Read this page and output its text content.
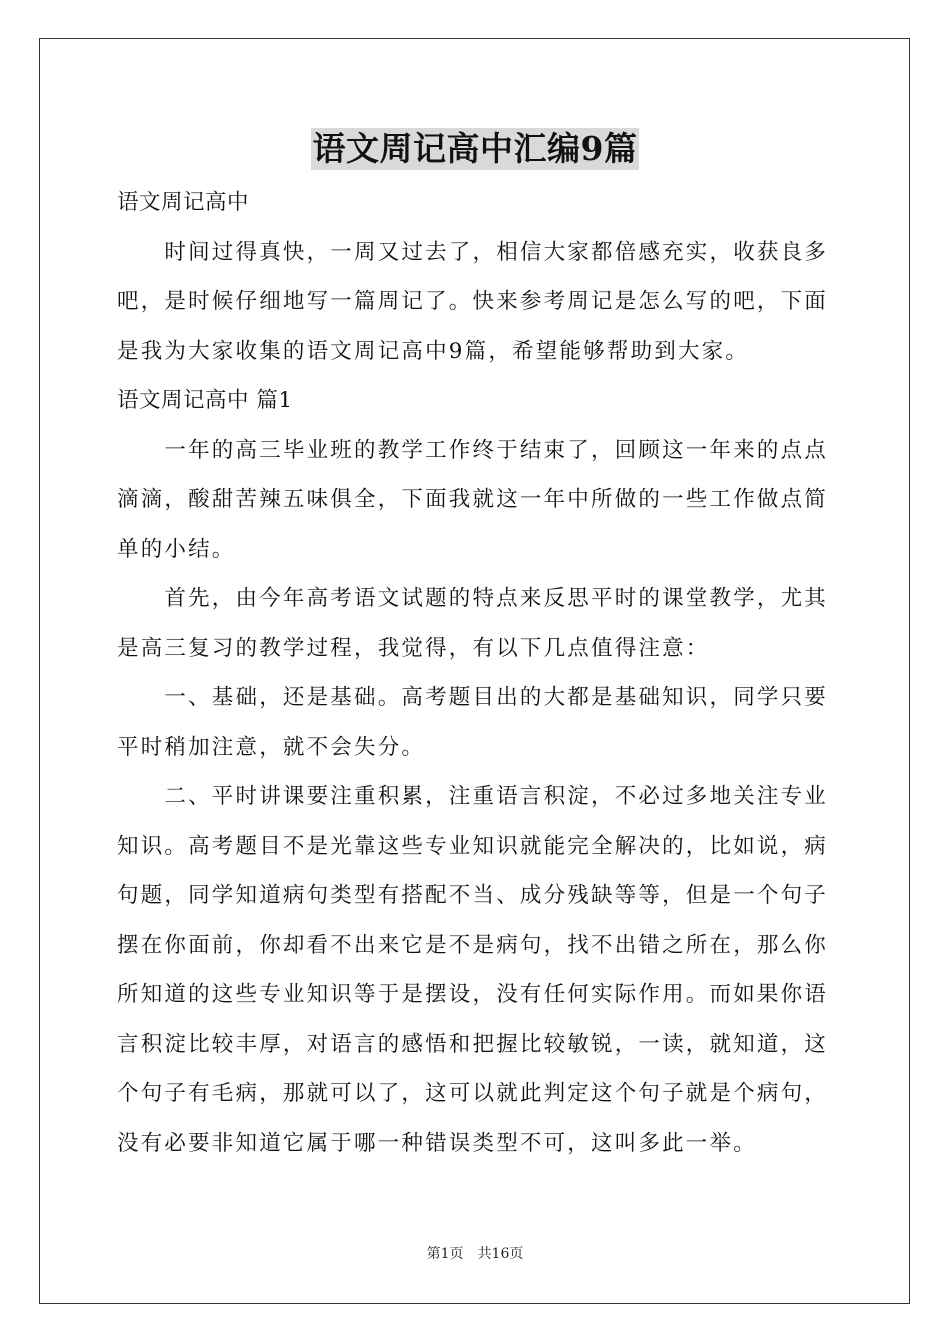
语文周记高中汇编9篇
语文周记高中
　　时间过得真快，一周又过去了，相信大家都倍感充实，收获良多
吧，是时候仔细地写一篇周记了。快来参考周记是怎么写的吧，下面
是我为大家收集的语文周记高中9篇，希望能够帮助到大家。
语文周记高中 篇1
　　一年的高三毕业班的教学工作终于结束了，回顾这一年来的点点
滴滴，酸甜苦辣五味俱全，下面我就这一年中所做的一些工作做点简
单的小结。
　　首先，由今年高考语文试题的特点来反思平时的课堂教学，尤其
是高三复习的教学过程，我觉得，有以下几点值得注意：
　　一、基础，还是基础。高考题目出的大都是基础知识，同学只要
平时稍加注意，就不会失分。
　　二、平时讲课要注重积累，注重语言积淀，不必过多地关注专业
知识。高考题目不是光靠这些专业知识就能完全解决的，比如说，病
句题，同学知道病句类型有搭配不当、成分残缺等等，但是一个句子
摆在你面前，你却看不出来它是不是病句，找不出错之所在，那么你
所知道的这些专业知识等于是摆设，没有任何实际作用。而如果你语
言积淀比较丰厚，对语言的感悟和把握比较敏锐，一读，就知道，这
个句子有毛病，那就可以了，这可以就此判定这个句子就是个病句，
没有必要非知道它属于哪一种错误类型不可，这叫多此一举。
第1页 共16页
